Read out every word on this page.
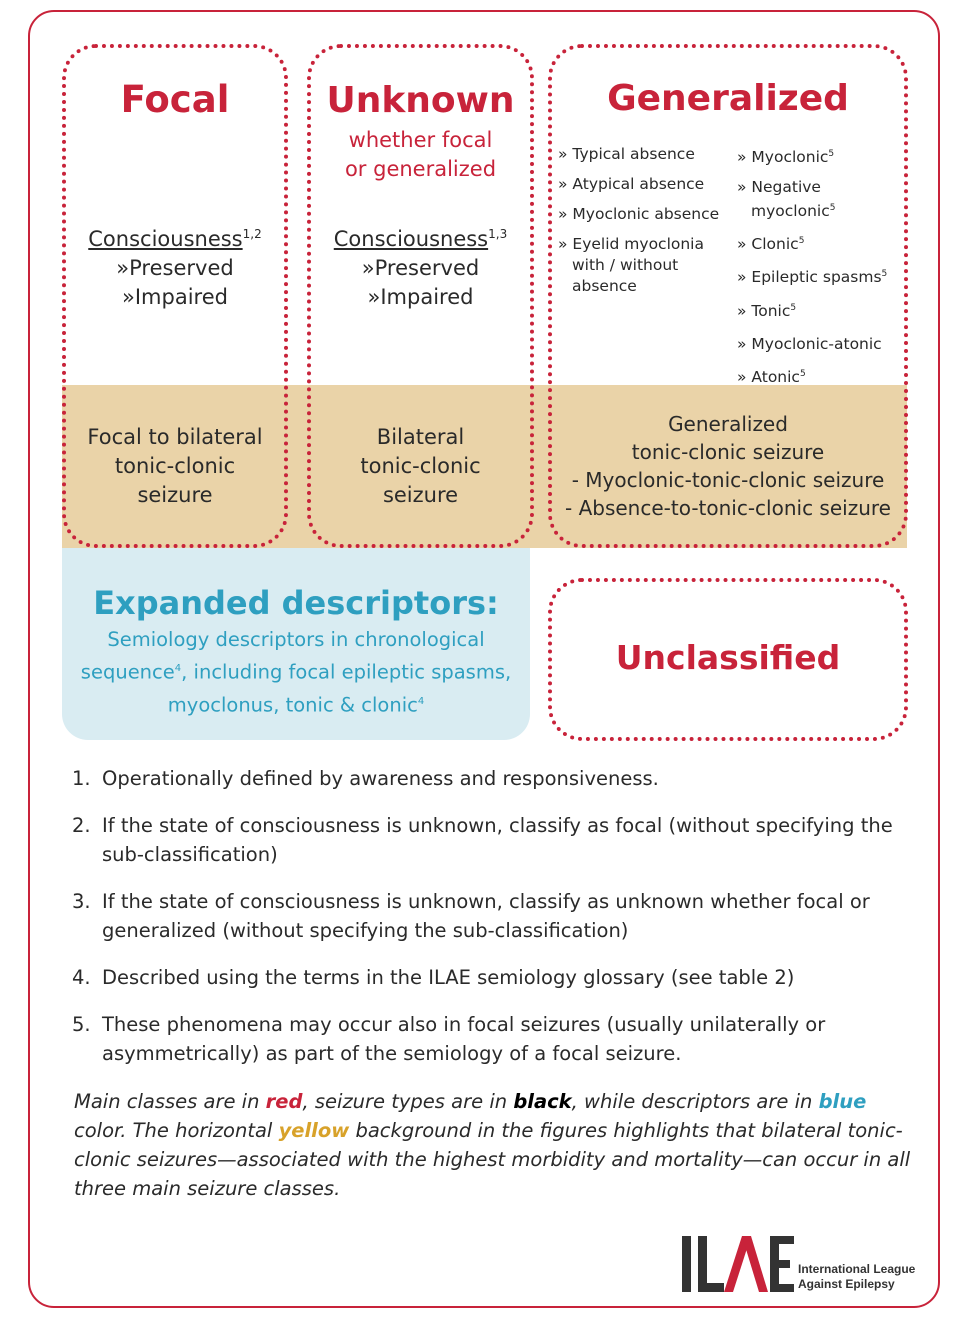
Focal
Consciousness$^{1,2}$
»Preserved
»Impaired
Focal to bilateral
tonic-clonic
seizure
Unknown
whether focal
or generalized
Consciousness$^{1,3}$
»Preserved
»Impaired
Bilateral
tonic-clonic
seizure
Generalized
» Typical absence
» Atypical absence
» Myoclonic absence
» Eyelid myoclonia with / without absence
» Myoclonic$^5$
» Negative myoclonic$^5$
» Clonic$^5$
» Epileptic spasms$^5$
» Tonic$^5$
» Myoclonic-atonic
» Atonic$^5$
Generalized
tonic-clonic seizure
- Myoclonic-tonic-clonic seizure
- Absence-to-tonic-clonic seizure
Expanded descriptors:
Semiology descriptors in chronological
sequence$^4$, including focal epileptic spasms,
myoclonus, tonic & clonic$^4$
Unclassified
1. Operationally defined by awareness and responsiveness.
2. If the state of consciousness is unknown, classify as focal (without specifying the sub-classification)
3. If the state of consciousness is unknown, classify as unknown whether focal or generalized (without specifying the sub-classification)
4. Described using the terms in the ILAE semiology glossary (see table 2)
5. These phenomena may occur also in focal seizures (usually unilaterally or asymmetrically) as part of the semiology of a focal seizure.
Main classes are in red, seizure types are in black, while descriptors are in blue color. The horizontal yellow background in the figures highlights that bilateral tonic-clonic seizures—associated with the highest morbidity and mortality—can occur in all three main seizure classes.
International League
Against Epilepsy
